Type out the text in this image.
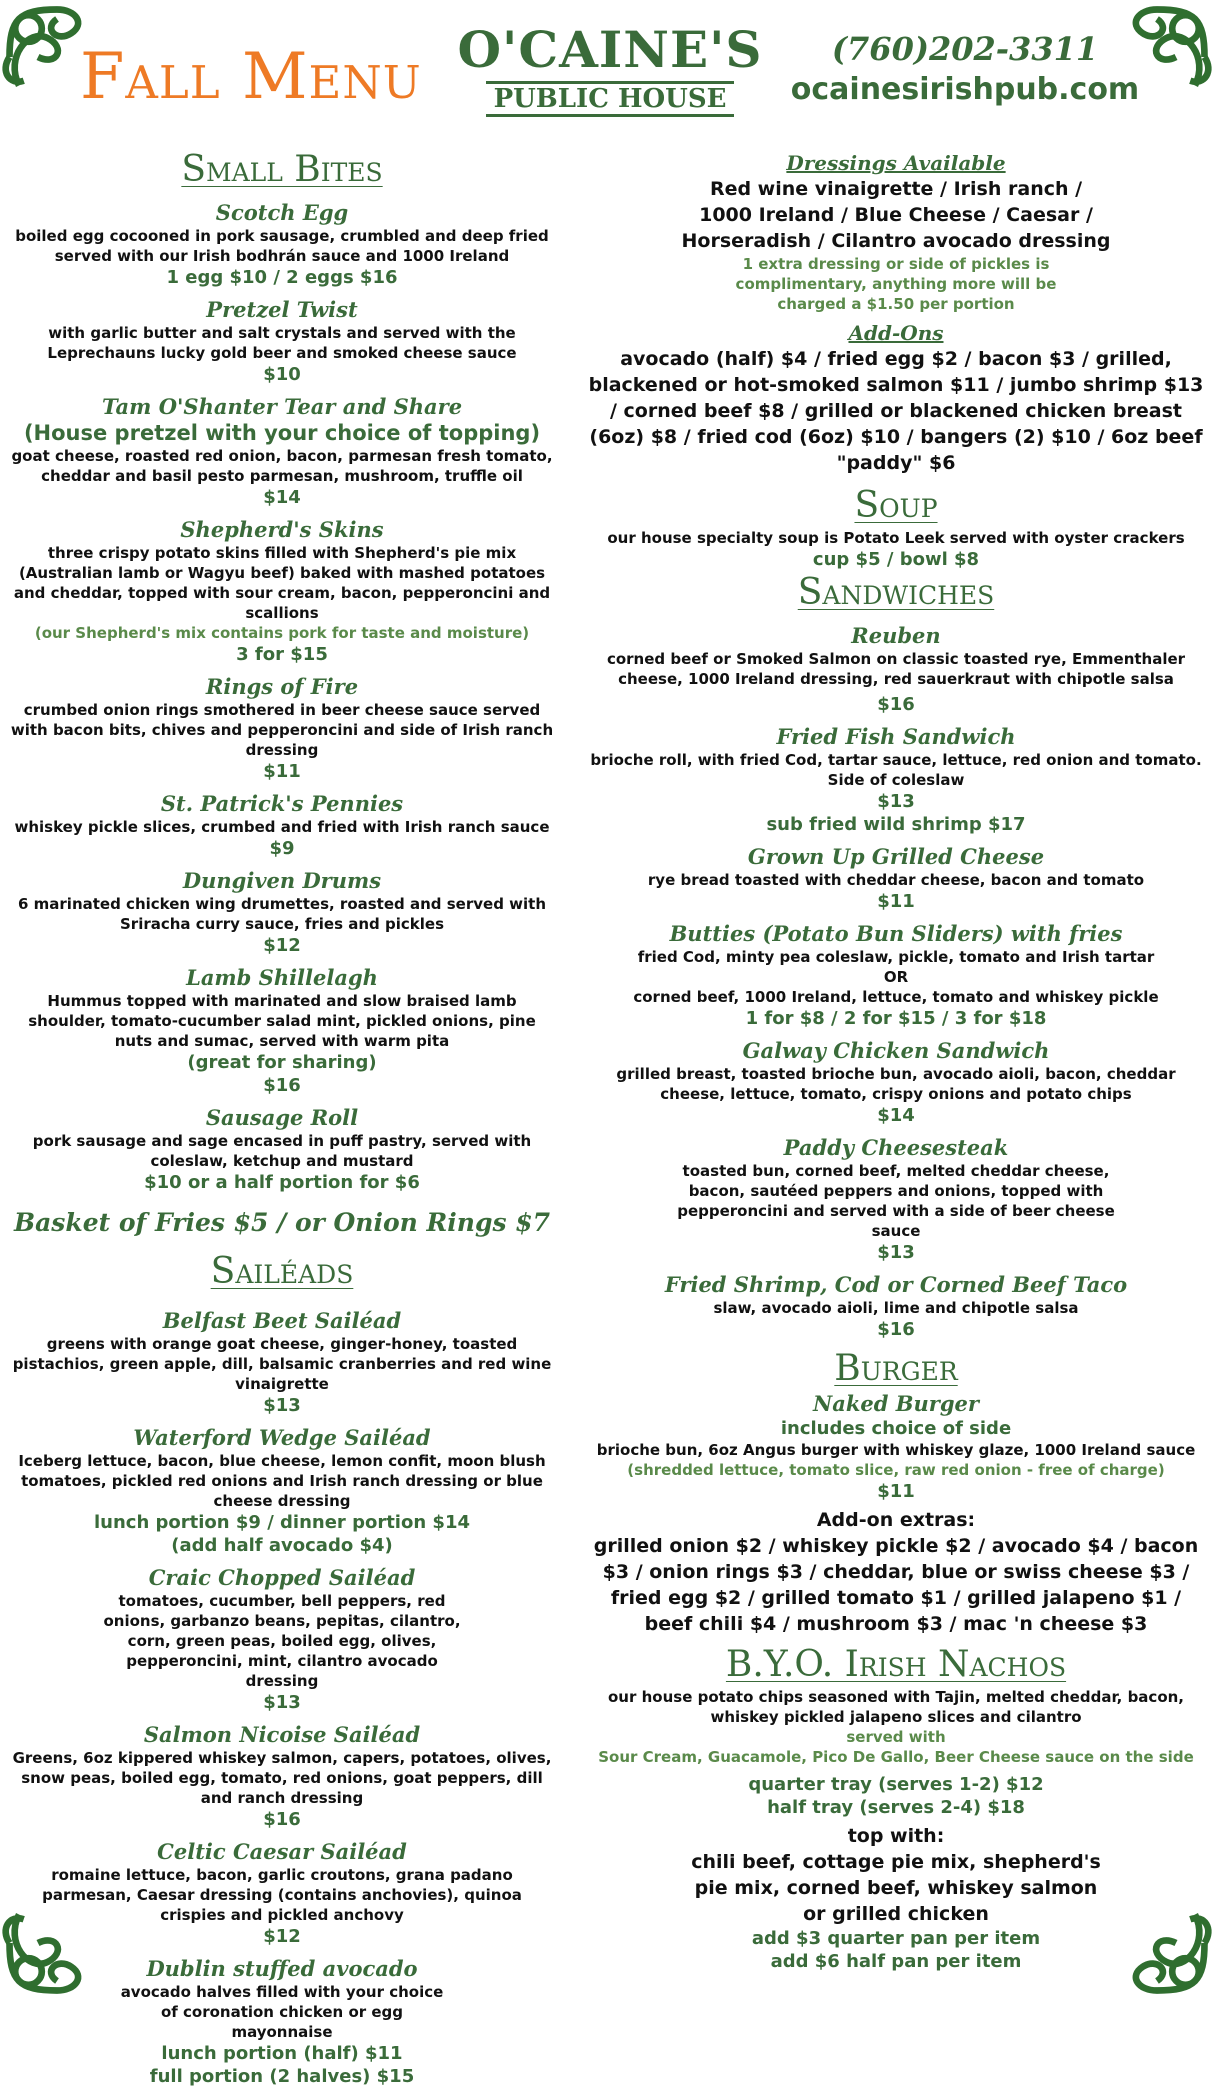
Fall Menu O'CAINE'S
PUBLIC HOUSE
(760)202-3311
ocainesirishpub.com
Small Bites
Scotch Egg
boiled egg cocooned in pork sausage, crumbled and deep fried served with our Irish bodhrán sauce and 1000 Ireland
1 egg $10 / 2 eggs $16
Pretzel Twist
with garlic butter and salt crystals and served with the Leprechauns lucky gold beer and smoked cheese sauce
$10
Tam O'Shanter Tear and Share
(House pretzel with your choice of topping)
goat cheese, roasted red onion, bacon, parmesan fresh tomato, cheddar and basil pesto parmesan, mushroom, truffle oil
$14
Shepherd's Skins
three crispy potato skins filled with Shepherd's pie mix (Australian lamb or Wagyu beef) baked with mashed potatoes and cheddar, topped with sour cream, bacon, pepperoncini and scallions
(our Shepherd's mix contains pork for taste and moisture)
3 for $15
Rings of Fire
crumbed onion rings smothered in beer cheese sauce served with bacon bits, chives and pepperoncini and side of Irish ranch dressing
$11
St. Patrick's Pennies
whiskey pickle slices, crumbed and fried with Irish ranch sauce
$9
Dungiven Drums
6 marinated chicken wing drumettes, roasted and served with Sriracha curry sauce, fries and pickles
$12
Lamb Shillelagh
Hummus topped with marinated and slow braised lamb shoulder, tomato-cucumber salad mint, pickled onions, pine nuts and sumac, served with warm pita
(great for sharing)
$16
Sausage Roll
pork sausage and sage encased in puff pastry, served with coleslaw, ketchup and mustard
$10 or a half portion for $6
Basket of Fries $5 / or Onion Rings $7
Sailéads
Belfast Beet Sailéad
greens with orange goat cheese, ginger-honey, toasted pistachios, green apple, dill, balsamic cranberries and red wine vinaigrette
$13
Waterford Wedge Sailéad
Iceberg lettuce, bacon, blue cheese, lemon confit, moon blush tomatoes, pickled red onions and Irish ranch dressing or blue cheese dressing
lunch portion $9 / dinner portion $14
(add half avocado $4)
Craic Chopped Sailéad
tomatoes, cucumber, bell peppers, red onions, garbanzo beans, pepitas, cilantro, corn, green peas, boiled egg, olives, pepperoncini, mint, cilantro avocado dressing
$13
Salmon Nicoise Sailéad
Greens, 6oz kippered whiskey salmon, capers, potatoes, olives, snow peas, boiled egg, tomato, red onions, goat peppers, dill and ranch dressing
$16
Celtic Caesar Sailéad
romaine lettuce, bacon, garlic croutons, grana padano parmesan, Caesar dressing (contains anchovies), quinoa crispies and pickled anchovy
$12
Dublin stuffed avocado
avocado halves filled with your choice of coronation chicken or egg mayonnaise
lunch portion (half) $11
full portion (2 halves) $15
Dressings Available
Red wine vinaigrette / Irish ranch / 1000 Ireland / Blue Cheese / Caesar / Horseradish / Cilantro avocado dressing
1 extra dressing or side of pickles is complimentary, anything more will be charged a $1.50 per portion
Add-Ons
avocado (half) $4 / fried egg $2 / bacon $3 / grilled, blackened or hot-smoked salmon $11 / jumbo shrimp $13 / corned beef $8 / grilled or blackened chicken breast (6oz) $8 / fried cod (6oz) $10 / bangers (2) $10 / 6oz beef "paddy" $6
Soup
our house specialty soup is Potato Leek served with oyster crackers
cup $5 / bowl $8
Sandwiches
Reuben
corned beef or Smoked Salmon on classic toasted rye, Emmenthaler cheese, 1000 Ireland dressing, red sauerkraut with chipotle salsa
$16
Fried Fish Sandwich
brioche roll, with fried Cod, tartar sauce, lettuce, red onion and tomato. Side of coleslaw
$13
sub fried wild shrimp $17
Grown Up Grilled Cheese
rye bread toasted with cheddar cheese, bacon and tomato
$11
Butties (Potato Bun Sliders) with fries
fried Cod, minty pea coleslaw, pickle, tomato and Irish tartar
OR
corned beef, 1000 Ireland, lettuce, tomato and whiskey pickle
1 for $8 / 2 for $15 / 3 for $18
Galway Chicken Sandwich
grilled breast, toasted brioche bun, avocado aioli, bacon, cheddar cheese, lettuce, tomato, crispy onions and potato chips
$14
Paddy Cheesesteak
toasted bun, corned beef, melted cheddar cheese, bacon, sautéed peppers and onions, topped with pepperoncini and served with a side of beer cheese sauce
$13
Fried Shrimp, Cod or Corned Beef Taco
slaw, avocado aioli, lime and chipotle salsa
$16
Burger
Naked Burger
includes choice of side
brioche bun, 6oz Angus burger with whiskey glaze, 1000 Ireland sauce
(shredded lettuce, tomato slice, raw red onion - free of charge)
$11
Add-on extras:
grilled onion $2 / whiskey pickle $2 / avocado $4 / bacon $3 / onion rings $3 / cheddar, blue or swiss cheese $3 / fried egg $2 / grilled tomato $1 / grilled jalapeno $1 / beef chili $4 / mushroom $3 / mac 'n cheese $3
B.Y.O. Irish Nachos
our house potato chips seasoned with Tajin, melted cheddar, bacon, whiskey pickled jalapeno slices and cilantro
served with
Sour Cream, Guacamole, Pico De Gallo, Beer Cheese sauce on the side
quarter tray (serves 1-2) $12
half tray (serves 2-4) $18
top with:
chili beef, cottage pie mix, shepherd's pie mix, corned beef, whiskey salmon or grilled chicken
add $3 quarter pan per item
add $6 half pan per item
